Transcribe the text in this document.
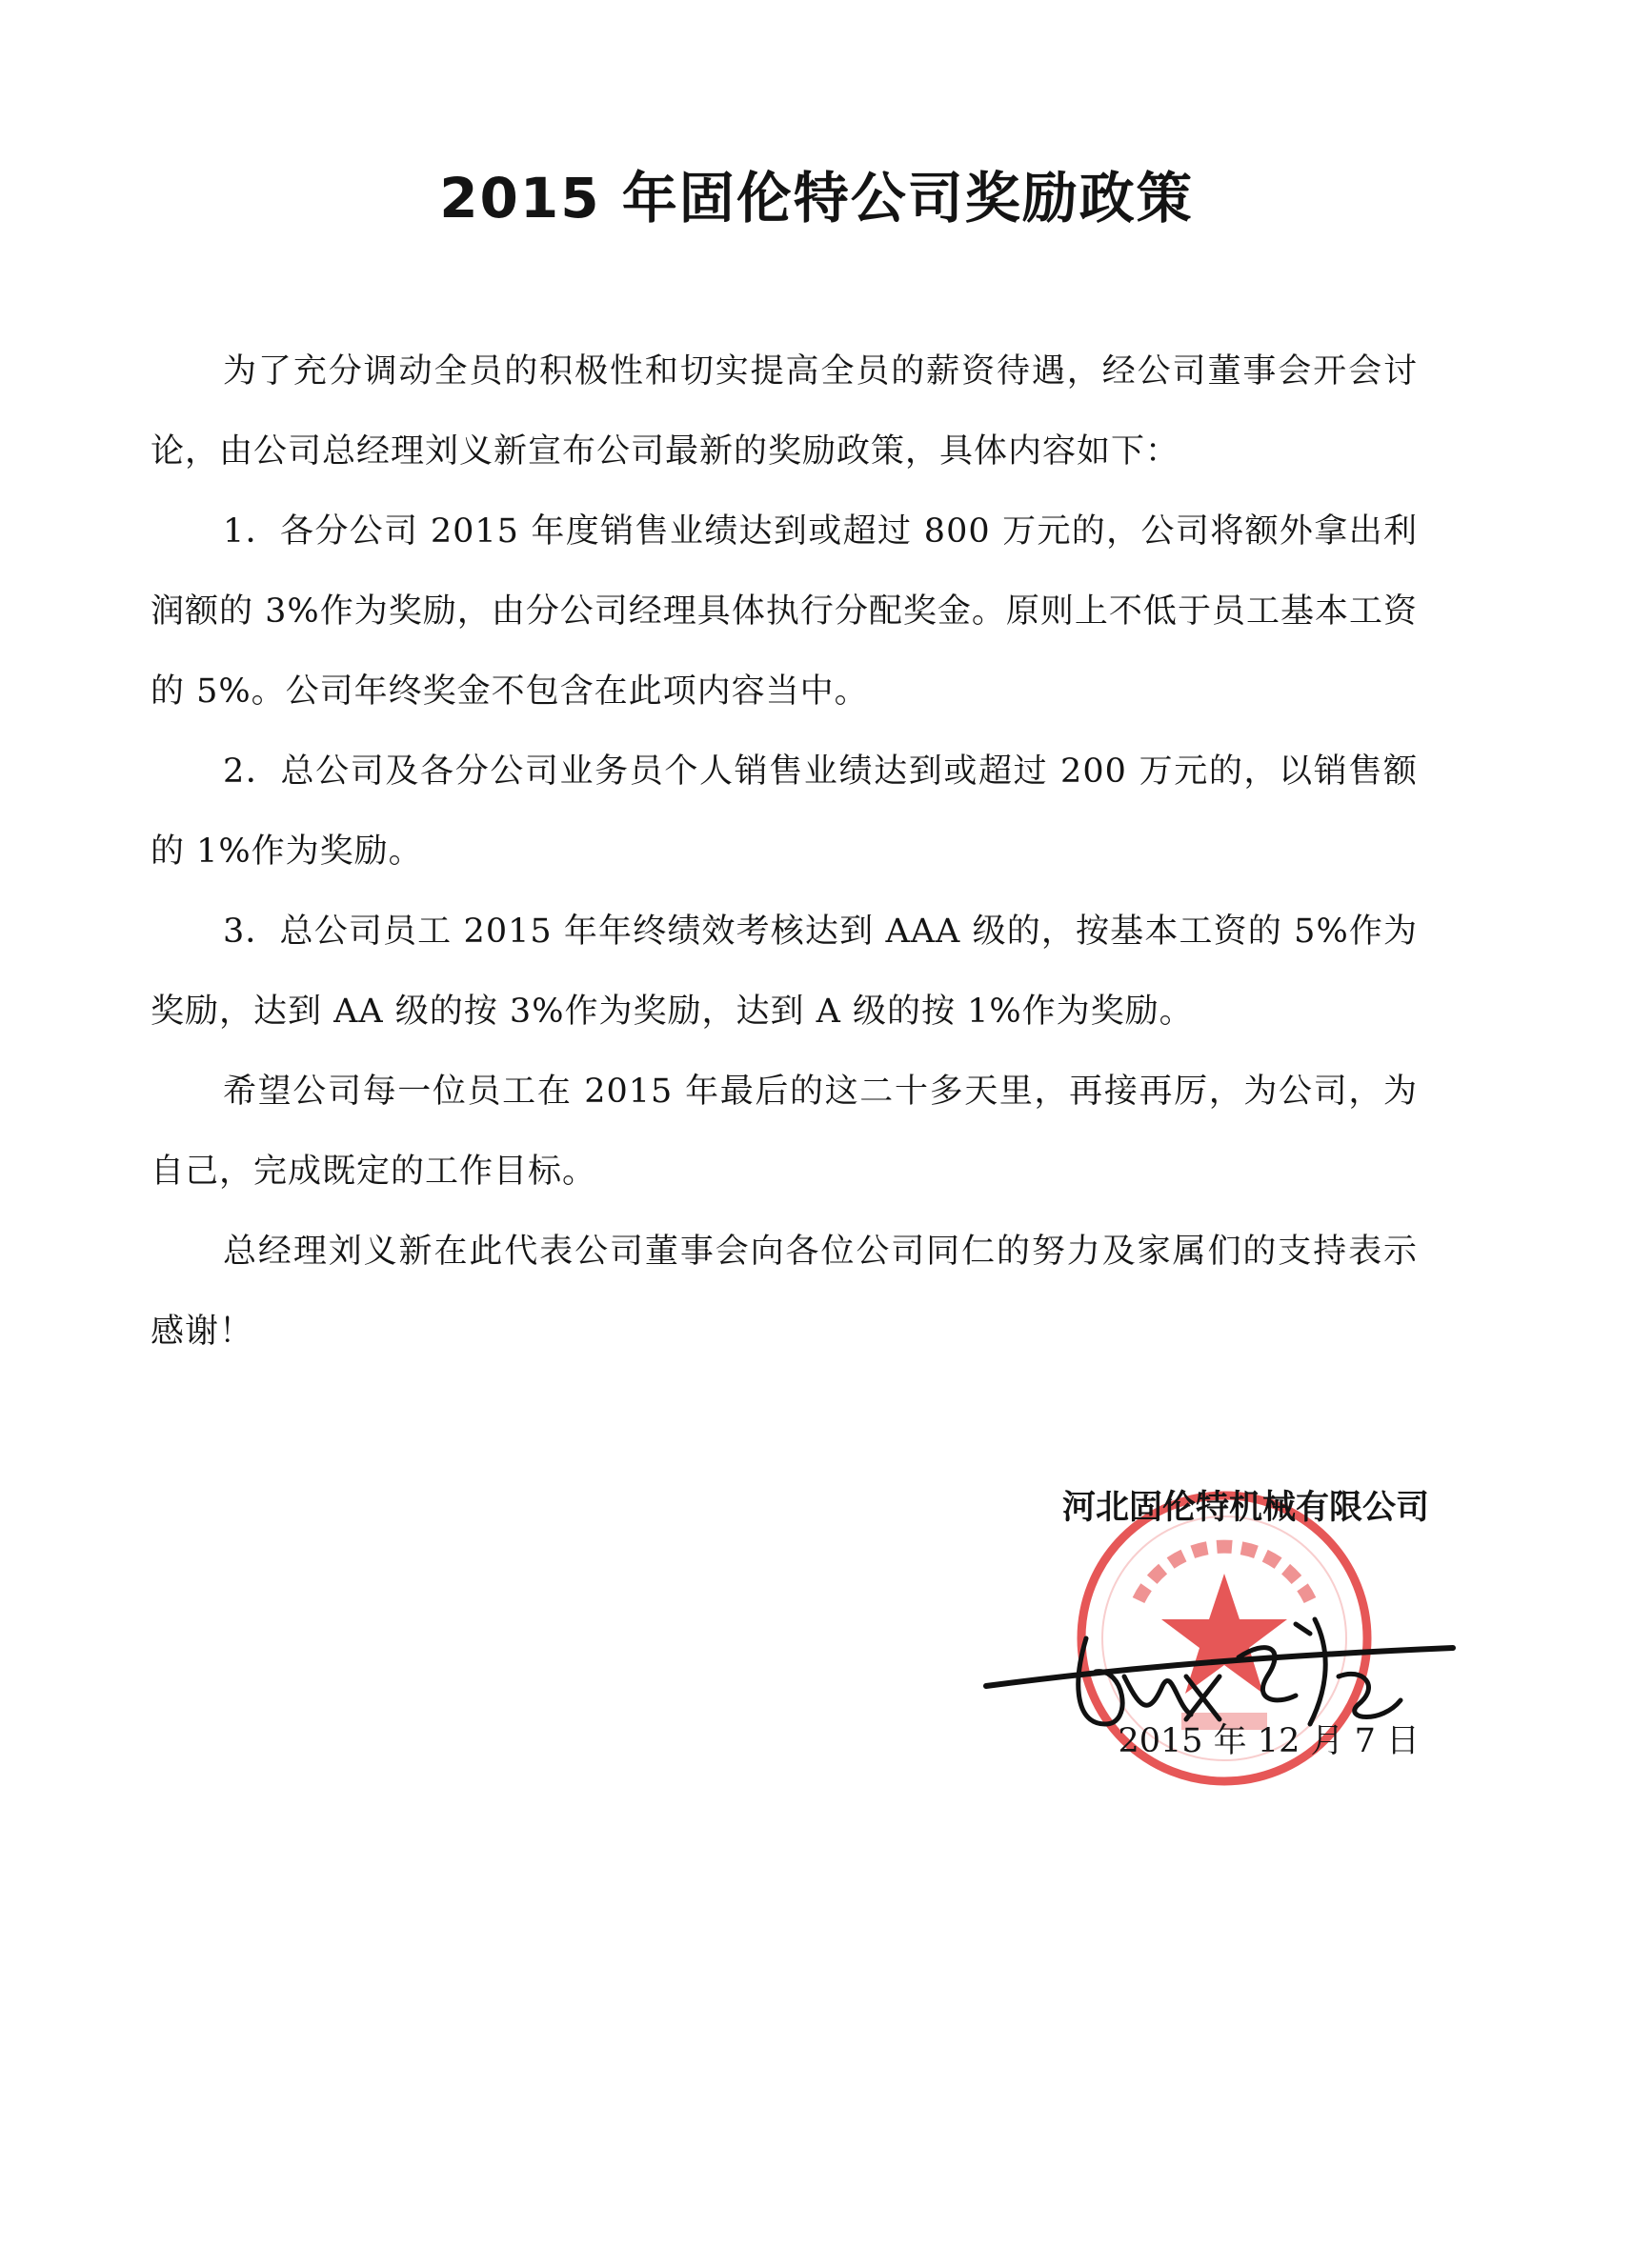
2015 年固伦特公司奖励政策

为了充分调动全员的积极性和切实提高全员的薪资待遇，经公司董事会开会讨论，由公司总经理刘义新宣布公司最新的奖励政策，具体内容如下：

1．各分公司 2015 年度销售业绩达到或超过 800 万元的，公司将额外拿出利润额的 3%作为奖励，由分公司经理具体执行分配奖金。原则上不低于员工基本工资的 5%。公司年终奖金不包含在此项内容当中。

2．总公司及各分公司业务员个人销售业绩达到或超过 200 万元的，以销售额的 1%作为奖励。

3．总公司员工 2015 年年终绩效考核达到 AAA 级的，按基本工资的 5%作为奖励，达到 AA 级的按 3%作为奖励，达到 A 级的按 1%作为奖励。

希望公司每一位员工在 2015 年最后的这二十多天里，再接再厉，为公司，为自己，完成既定的工作目标。

总经理刘义新在此代表公司董事会向各位公司同仁的努力及家属们的支持表示感谢！

河北固伦特机械有限公司
2015 年 12 月 7 日
